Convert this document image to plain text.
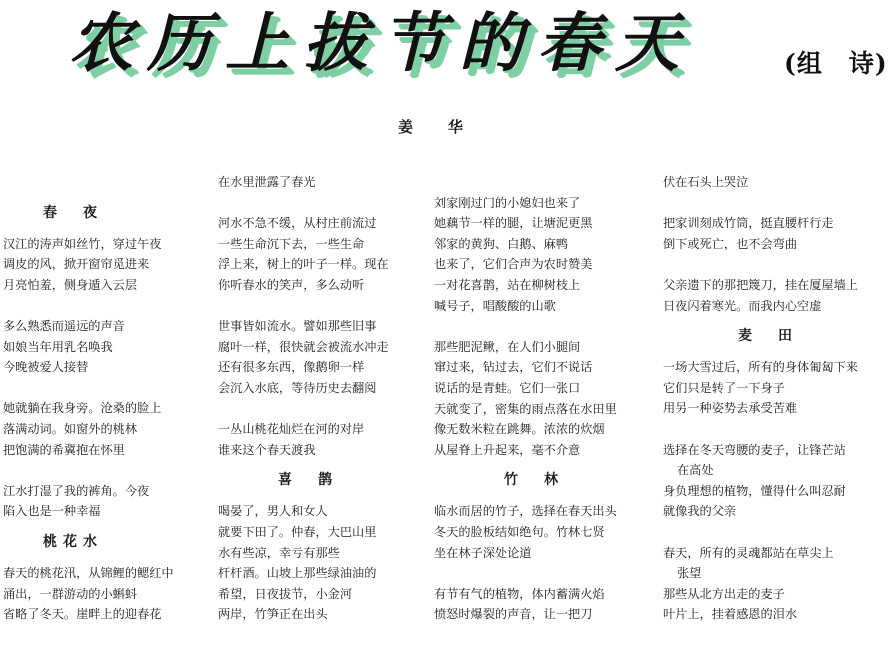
农 历 上 拔 节 的 春 天	(组　诗)
姜　华
春　夜
汉江的涛声如丝竹，穿过午夜
调皮的风，掀开窗帘觅进来
月亮怕羞，侧身遁入云层
多么熟悉而遥远的声音
如娘当年用乳名唤我
今晚被爱人接替
她就躺在我身旁。沧桑的脸上
落满动词。如窗外的桃林
把饱满的希冀抱在怀里
江水打湿了我的裤角。今夜
陷入也是一种幸福
桃花水
春天的桃花汛，从锦鲤的鳃红中
涌出，一群游动的小蝌蚪
省略了冬天。崖畔上的迎春花
在水里泄露了春光
河水不急不缓，从村庄前流过
一些生命沉下去，一些生命
浮上来，树上的叶子一样。现在
你听春水的笑声，多么动听
世事皆如流水。譬如那些旧事
腐叶一样，很快就会被流水冲走
还有很多东西，像鹅卵一样
会沉入水底，等待历史去翻阅
一丛山桃花灿烂在河的对岸
谁来这个春天渡我
喜　鹊
喝晏了，男人和女人
就要下田了。仲春，大巴山里
水有些凉，幸亏有那些
杆杆酒。山坡上那些绿油油的
希望，日夜拔节，小金河
两岸，竹笋正在出头
刘家刚过门的小媳妇也来了
她藕节一样的腿，让塘泥更黑
邻家的黄狗、白鹅、麻鸭
也来了，它们合声为农时赞美
一对花喜鹊，站在柳树枝上
喊号子，唱酸酸的山歌
那些肥泥鳅，在人们小腿间
窜过来，钻过去，它们不说话
说话的是青蛙。它们一张口
天就变了，密集的雨点落在水田里
像无数米粒在跳舞。浓浓的炊烟
从屋脊上升起来，毫不介意
竹　林
临水而居的竹子，选择在春天出头
冬天的脸板结如绝句。竹林七贤
坐在林子深处论道
有节有气的植物，体内蓄满火焰
愤怒时爆裂的声音，让一把刀
伏在石头上哭泣
把家训刻成竹筒，挺直腰杆行走
倒下或死亡，也不会弯曲
父亲遗下的那把篾刀，挂在厦屋墙上
日夜闪着寒光。而我内心空虚
麦　田
一场大雪过后，所有的身体匍匐下来
它们只是转了一下身子
用另一种姿势去承受苦难
选择在冬天弯腰的麦子，让锋芒站
在高处
身负理想的植物，懂得什么叫忍耐
就像我的父亲
春天，所有的灵魂都站在草尖上
张望
那些从北方出走的麦子
叶片上，挂着感恩的泪水
